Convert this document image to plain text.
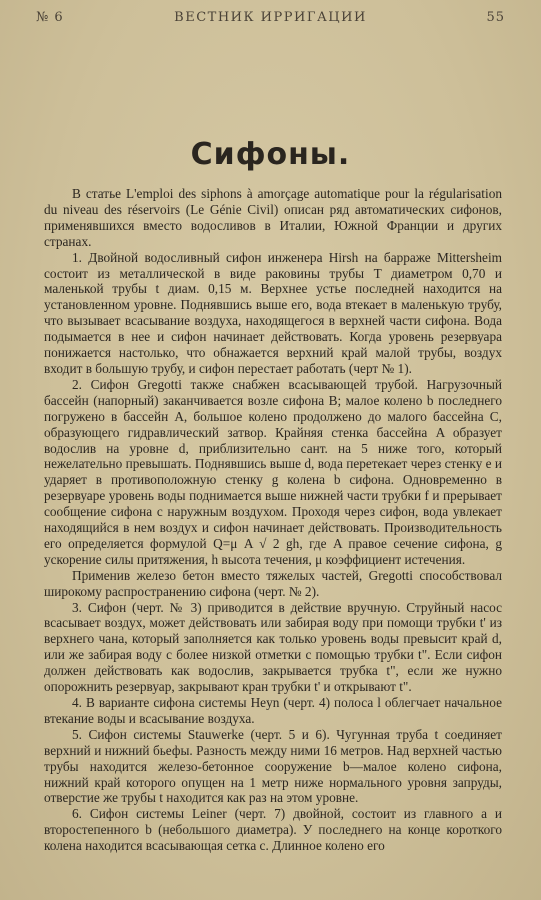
№ 6	ВЕСТНИК ИРРИГАЦИИ	55
Сифоны.

В статье L'emploi des siphons à amorçage automatique pour la régularisation du niveau des réservoirs (Le Génie Civil) описан ряд автоматических сифонов, применявшихся вместо водосливов в Италии, Южной Франции и других странах.

1. Двойной водосливный сифон инженера Hirsh на барраже Mittersheim состоит из металлической в виде раковины трубы T диаметром 0,70 и маленькой трубы t диам. 0,15 м. Верхнее устье последней находится на установленном уровне. Поднявшись выше его, вода втекает в маленькую трубу, что вызывает всасывание воздуха, находящегося в верхней части сифона. Вода подымается в нее и сифон начинает действовать. Когда уровень резервуара понижается настолько, что обнажается верхний край малой трубы, воздух входит в большую трубу, и сифон перестает работать (черт № 1).

2. Сифон Gregotti также снабжен всасывающей трубой. Нагрузочный бассейн (напорный) заканчивается возле сифона B; малое колено b последнего погружено в бассейн A, большое колено продолжено до малого бассейна C, образующего гидравлический затвор. Крайняя стенка бассейна A образует водослив на уровне d, приблизительно сант. на 5 ниже того, который нежелательно превышать. Поднявшись выше d, вода перетекает через стенку e и ударяет в противоположную стенку g колена b сифона. Одновременно в резервуаре уровень воды поднимается выше нижней части трубки f и прерывает сообщение сифона с наружным воздухом. Проходя через сифон, вода увлекает находящийся в нем воздух и сифон начинает действовать. Производительность его определяется формулой Q=μ A √ 2 gh, где A правое сечение сифона, g ускорение силы притяжения, h высота течения, μ коэффициент истечения.

Применив железо бетон вместо тяжелых частей, Gregotti способствовал широкому распространению сифона (черт. № 2).

3. Сифон (черт. № 3) приводится в действие вручную. Струйный насос всасывает воздух, может действовать или забирая воду при помощи трубки t' из верхнего чана, который заполняется как только уровень воды превысит край d, или же забирая воду с более низкой отметки с помощью трубки t". Если сифон должен действовать как водослив, закрывается трубка t", если же нужно опорожнить резервуар, закрывают кран трубки t' и открывают t".

4. В варианте сифона системы Heyn (черт. 4) полоса l облегчает начальное втекание воды и всасывание воздуха.

5. Сифон системы Stauwerke (черт. 5 и 6). Чугунная труба t соединяет верхний и нижний бьефы. Разность между ними 16 метров. Над верхней частью трубы находится железо-бетонное сооружение b—малое колено сифона, нижний край которого опущен на 1 метр ниже нормального уровня запруды, отверстие же трубы t находится как раз на этом уровне.

6. Сифон системы Leiner (черт. 7) двойной, состоит из главного a и второстепенного b (небольшого диаметра). У последнего на конце короткого колена находится всасывающая сетка c. Длинное колено его
